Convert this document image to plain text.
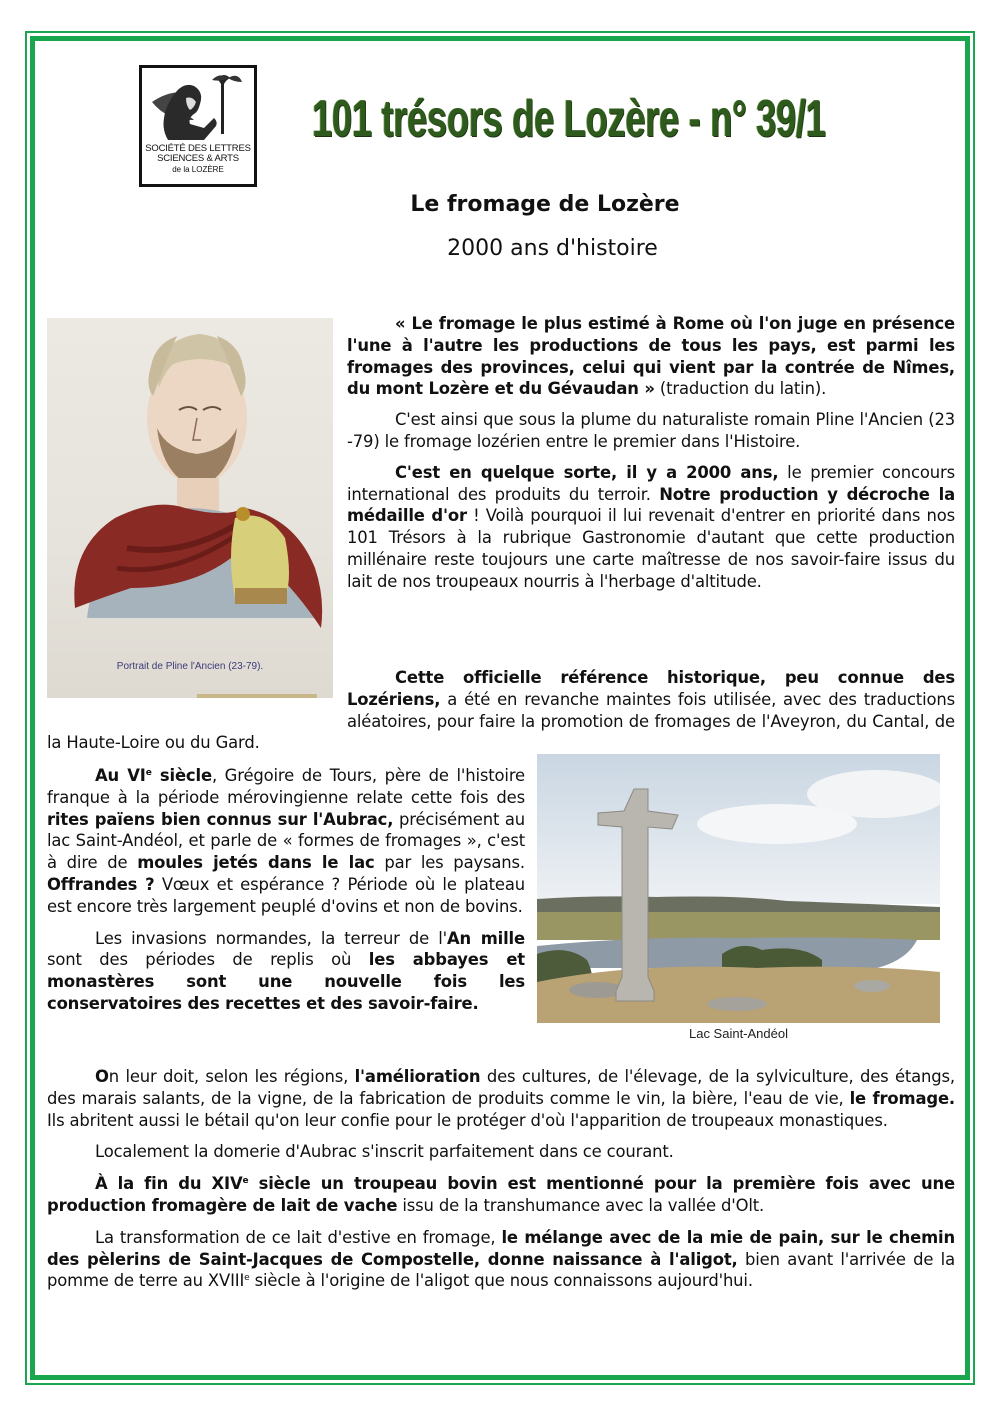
SOCIÉTÉ DES LETTRES
SCIENCES & ARTS
de la LOZÈRE
101 trésors de Lozère - n° 39/1
Le fromage de Lozère
2000 ans d'histoire
Portrait de Pline l'Ancien (23-79).
Lac Saint-Andéol

« Le fromage le plus estimé à Rome où l'on juge en présence l'une à l'autre les productions de tous les pays, est parmi les fromages des provinces, celui qui vient par la contrée de Nîmes, du mont Lozère et du Gévaudan » (traduction du latin).

C'est ainsi que sous la plume du naturaliste romain Pline l'Ancien (23 -79) le fromage lozérien entre le premier dans l'Histoire.

C'est en quelque sorte, il y a 2000 ans, le premier concours international des produits du terroir. Notre production y décroche la médaille d'or ! Voilà pourquoi il lui revenait d'entrer en priorité dans nos 101 Trésors à la rubrique Gastronomie d'autant que cette production millénaire reste toujours une carte maîtresse de nos savoir-faire issus du lait de nos troupeaux nourris à l'herbage d'altitude.

Cette officielle référence historique, peu connue des Lozériens, a été en revanche maintes fois utilisée, avec des traductions aléatoires, pour faire la promotion de fromages de l'Aveyron, du Cantal, de la Haute-Loire ou du Gard.

Au VIe siècle, Grégoire de Tours, père de l'histoire franque à la période mérovingienne relate cette fois des rites païens bien connus sur l'Aubrac, précisément au lac Saint-Andéol, et parle de « formes de fromages », c'est à dire de moules jetés dans le lac par les paysans. Offrandes ? Vœux et espérance ? Période où le plateau est encore très largement peuplé d'ovins et non de bovins.

Les invasions normandes, la terreur de l'An mille sont des périodes de replis où les abbayes et monastères sont une nouvelle fois les conservatoires des recettes et des savoir-faire.

On leur doit, selon les régions, l'amélioration des cultures, de l'élevage, de la sylviculture, des étangs, des marais salants, de la vigne, de la fabrication de produits comme le vin, la bière, l'eau de vie, le fromage. Ils abritent aussi le bétail qu'on leur confie pour le protéger d'où l'apparition de troupeaux monastiques.

Localement la domerie d'Aubrac s'inscrit parfaitement dans ce courant.

À la fin du XIVe siècle un troupeau bovin est mentionné pour la première fois avec une production fromagère de lait de vache issu de la transhumance avec la vallée d'Olt.

La transformation de ce lait d'estive en fromage, le mélange avec de la mie de pain, sur le chemin des pèlerins de Saint-Jacques de Compostelle, donne naissance à l'aligot, bien avant l'arrivée de la pomme de terre au XVIIIe siècle à l'origine de l'aligot que nous connaissons aujourd'hui.
